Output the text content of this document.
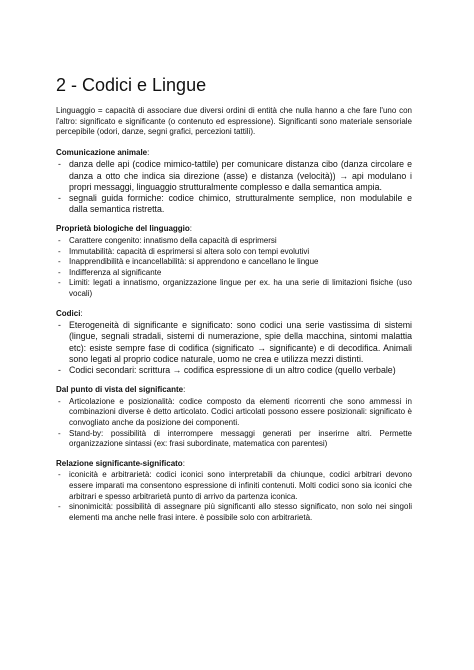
2 - Codici e Lingue

Linguaggio = capacità di associare due diversi ordini di entità che nulla hanno a che fare l'uno con l'altro: significato e significante (o contenuto ed espressione). Significanti sono materiale sensoriale percepibile (odori, danze, segni grafici, percezioni tattili).

Comunicazione animale:
- danza delle api (codice mimico-tattile) per comunicare distanza cibo (danza circolare e danza a otto che indica sia direzione (asse) e distanza (velocità)) → api modulano i propri messaggi, linguaggio strutturalmente complesso e dalla semantica ampia.
- segnali guida formiche: codice chimico, strutturalmente semplice, non modulabile e dalla semantica ristretta.
Proprietà biologiche del linguaggio:
- Carattere congenito: innatismo della capacità di esprimersi
- Immutabilità: capacità di esprimersi si altera solo con tempi evolutivi
- Inapprendibilità e incancellabilità: si apprendono e cancellano le lingue
- Indifferenza al significante
- Limiti: legati a innatismo, organizzazione lingue per ex. ha una serie di limitazioni fisiche (uso vocali)
Codici:
- Eterogeneità di significante e significato: sono codici una serie vastissima di sistemi (lingue, segnali stradali, sistemi di numerazione, spie della macchina, sintomi malattia etc): esiste sempre fase di codifica (significato → significante) e di decodifica. Animali sono legati al proprio codice naturale, uomo ne crea e utilizza mezzi distinti.
- Codici secondari: scrittura → codifica espressione di un altro codice (quello verbale)
Dal punto di vista del significante:
- Articolazione e posizionalità: codice composto da elementi ricorrenti che sono ammessi in combinazioni diverse è detto articolato. Codici articolati possono essere posizionali: significato è convogliato anche da posizione dei componenti.
- Stand-by: possibilità di interrompere messaggi generati per inserirne altri. Permette organizzazione sintassi (ex: frasi subordinate, matematica con parentesi)
Relazione significante-significato:
- iconicità e arbitrarietà: codici iconici sono interpretabili da chiunque, codici arbitrari devono essere imparati ma consentono espressione di infiniti contenuti. Molti codici sono sia iconici che arbitrari e spesso arbitrarietà punto di arrivo da partenza iconica.
- sinonimicità: possibilità di assegnare più significanti allo stesso significato, non solo nei singoli elementi ma anche nelle frasi intere. è possibile solo con arbitrarietà.
